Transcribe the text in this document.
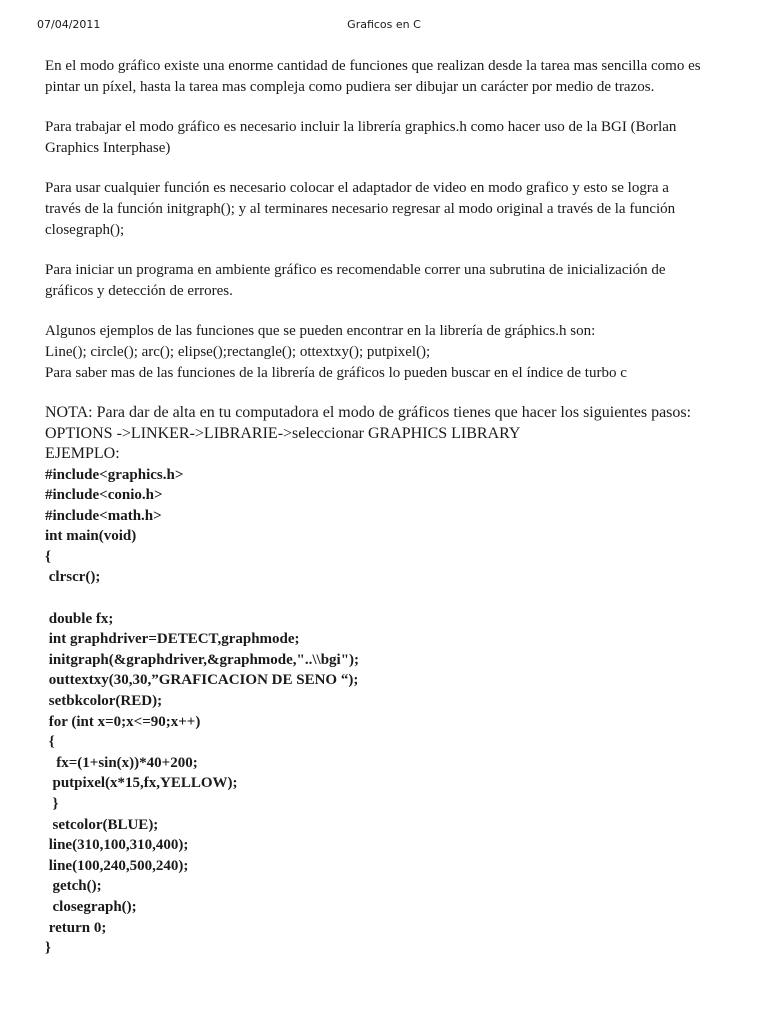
07/04/2011	Graficos en C

En el modo gráfico existe una enorme cantidad de funciones que realizan desde la tarea mas sencilla como es
pintar un píxel, hasta la tarea mas compleja como pudiera ser dibujar un carácter por medio de trazos.

Para trabajar el modo gráfico es necesario incluir la librería graphics.h como hacer uso de la BGI (Borlan
Graphics Interphase)

Para usar cualquier función es necesario colocar el adaptador de video en modo grafico y esto se logra a
través de la función initgraph(); y al terminares necesario regresar al modo original a través de la función
closegraph();

Para iniciar un programa en ambiente gráfico es recomendable correr una subrutina de inicialización de
gráficos y detección de errores.

Algunos ejemplos de las funciones que se pueden encontrar en la librería de gráphics.h son:
Line(); circle(); arc(); elipse();rectangle(); ottextxy(); putpixel();
Para saber mas de las funciones de la librería de gráficos lo pueden buscar en el índice de turbo c

NOTA: Para dar de alta en tu computadora el modo de gráficos tienes que hacer los siguientes pasos:
OPTIONS ->LINKER->LIBRARIE->seleccionar GRAPHICS LIBRARY
EJEMPLO:
#include<graphics.h>
#include<conio.h>
#include<math.h>
int main(void)
{
clrscr();
double fx;
int graphdriver=DETECT,graphmode;
initgraph(&graphdriver,&graphmode,"..\\bgi");
outtextxy(30,30,”GRAFICACION DE SENO “);
setbkcolor(RED);
for (int x=0;x<=90;x++)
{
fx=(1+sin(x))*40+200;
putpixel(x*15,fx,YELLOW);
}
setcolor(BLUE);
line(310,100,310,400);
line(100,240,500,240);
getch();
closegraph();
return 0;
}
